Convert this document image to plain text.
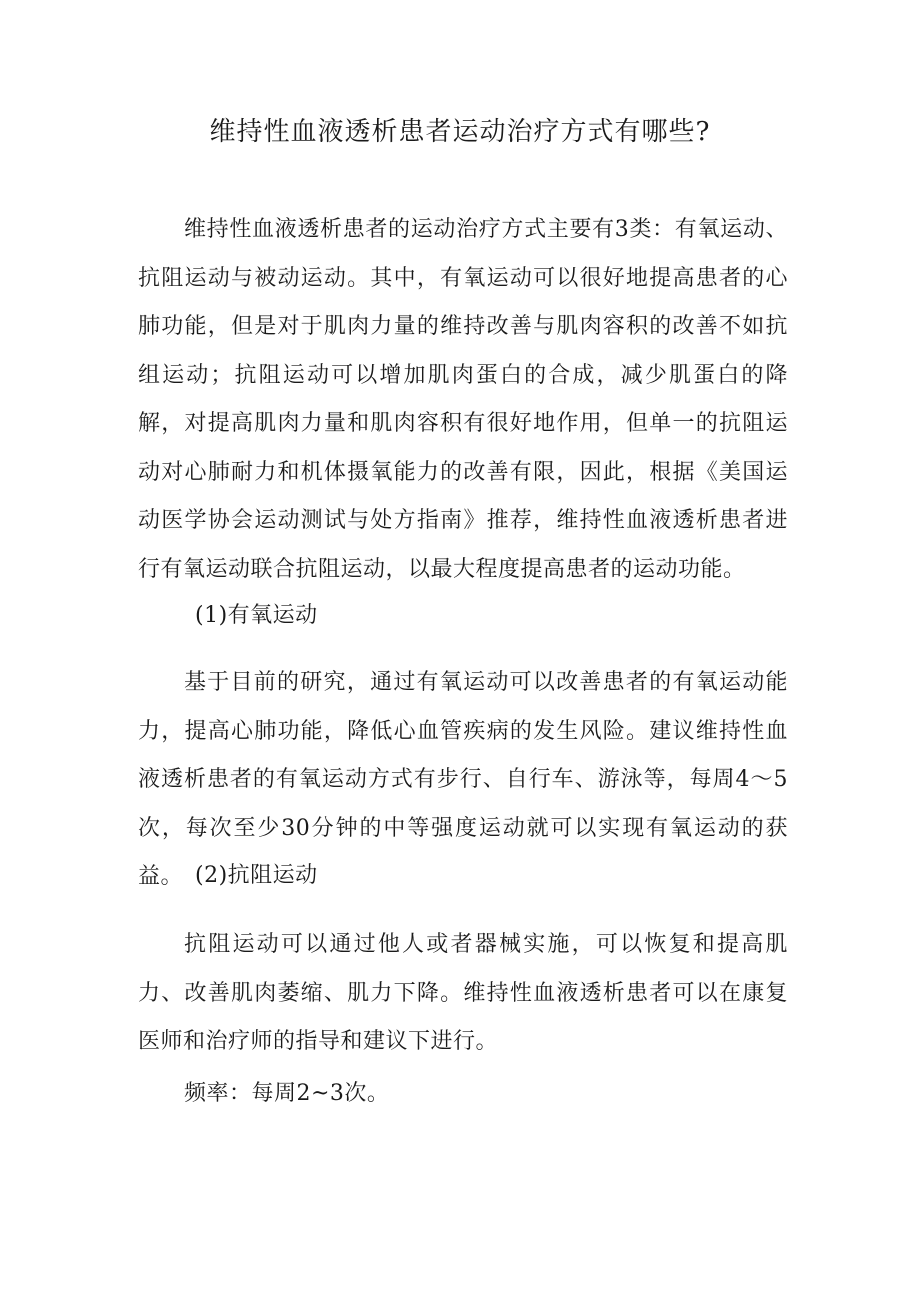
维持性血液透析患者运动治疗方式有哪些?

维持性血液透析患者的运动治疗方式主要有3类：有氧运动、抗阻运动与被动运动。其中，有氧运动可以很好地提高患者的心肺功能，但是对于肌肉力量的维持改善与肌肉容积的改善不如抗组运动；抗阻运动可以增加肌肉蛋白的合成，减少肌蛋白的降解，对提高肌肉力量和肌肉容积有很好地作用，但单一的抗阻运动对心肺耐力和机体摄氧能力的改善有限，因此，根据《美国运动医学协会运动测试与处方指南》推荐，维持性血液透析患者进行有氧运动联合抗阻运动，以最大程度提高患者的运动功能。

(1)有氧运动

基于目前的研究，通过有氧运动可以改善患者的有氧运动能力，提高心肺功能，降低心血管疾病的发生风险。建议维持性血液透析患者的有氧运动方式有步行、自行车、游泳等，每周4～5次，每次至少30分钟的中等强度运动就可以实现有氧运动的获益。 (2)抗阻运动

抗阻运动可以通过他人或者器械实施，可以恢复和提高肌力、改善肌肉萎缩、肌力下降。维持性血液透析患者可以在康复医师和治疗师的指导和建议下进行。

频率：每周2~3次。
